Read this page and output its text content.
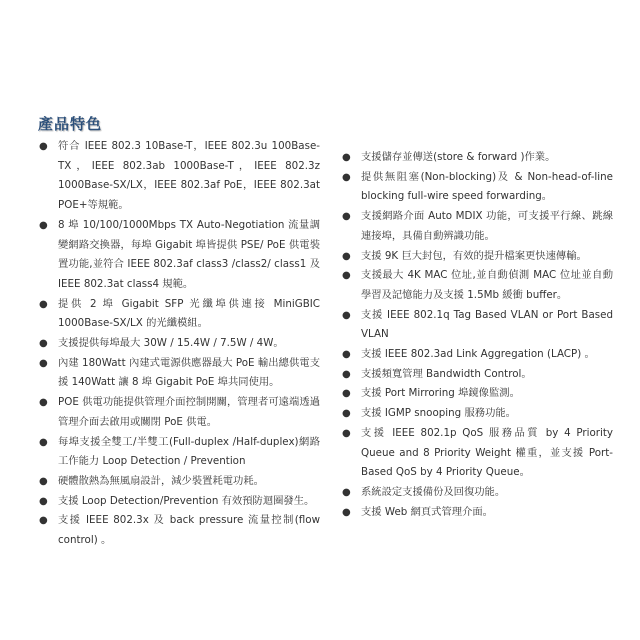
產品特色
● 符合 IEEE 802.3 10Base-T，IEEE 802.3u 100Base-TX，IEEE 802.3ab 1000Base-T，IEEE 802.3z 1000Base-SX/LX，IEEE 802.3af PoE，IEEE 802.3at POE+等規範。
● 8 埠 10/100/1000Mbps TX Auto-Negotiation 流量調變網路交換器，每埠 Gigabit 埠皆提供 PSE/ PoE 供電裝置功能,並符合 IEEE 802.3af class3 /class2/ class1 及 IEEE 802.3at class4 規範。
● 提供 2 埠 Gigabit SFP 光纖埠供連接 MiniGBIC 1000Base-SX/LX 的光纖模組。
● 支援提供每埠最大 30W / 15.4W / 7.5W / 4W。
● 內建 180Watt 內建式電源供應器最大 PoE 輸出總供電支援 140Watt 讓 8 埠 Gigabit PoE 埠共同使用。
● POE 供電功能提供管理介面控制開關，管理者可遠端透過管理介面去啟用或關閉 PoE 供電。
● 每埠支援全雙工/半雙工(Full-duplex /Half-duplex)網路工作能力 Loop Detection / Prevention
● 硬體散熱為無風扇設計，減少裝置耗電功耗。
● 支援 Loop Detection/Prevention 有效預防迴圈發生。
● 支援 IEEE 802.3x 及 back pressure 流量控制(flow control) 。
● 支援儲存並傳送(store & forward )作業。
● 提供無阻塞(Non-blocking)及 & Non-head-of-line blocking full-wire speed forwarding。
● 支援網路介面 Auto MDIX 功能，可支援平行線、跳線連接埠，具備自動辨識功能。
● 支援 9K 巨大封包，有效的提升檔案更快速傳輸。
● 支援最大 4K MAC 位址,並自動偵測 MAC 位址並自動學習及記憶能力及支援 1.5Mb 緩衝 buffer。
● 支援 IEEE 802.1q Tag Based VLAN or Port Based VLAN
● 支援 IEEE 802.3ad Link Aggregation (LACP) 。
● 支援頻寬管理 Bandwidth Control。
● 支援 Port Mirroring 埠鏡像監測。
● 支援 IGMP snooping 服務功能。
● 支援 IEEE 802.1p QoS 服務品質 by 4 Priority Queue and 8 Priority Weight 權重，並支援 Port- Based QoS by 4 Priority Queue。
● 系統設定支援備份及回復功能。
● 支援 Web 網頁式管理介面。
